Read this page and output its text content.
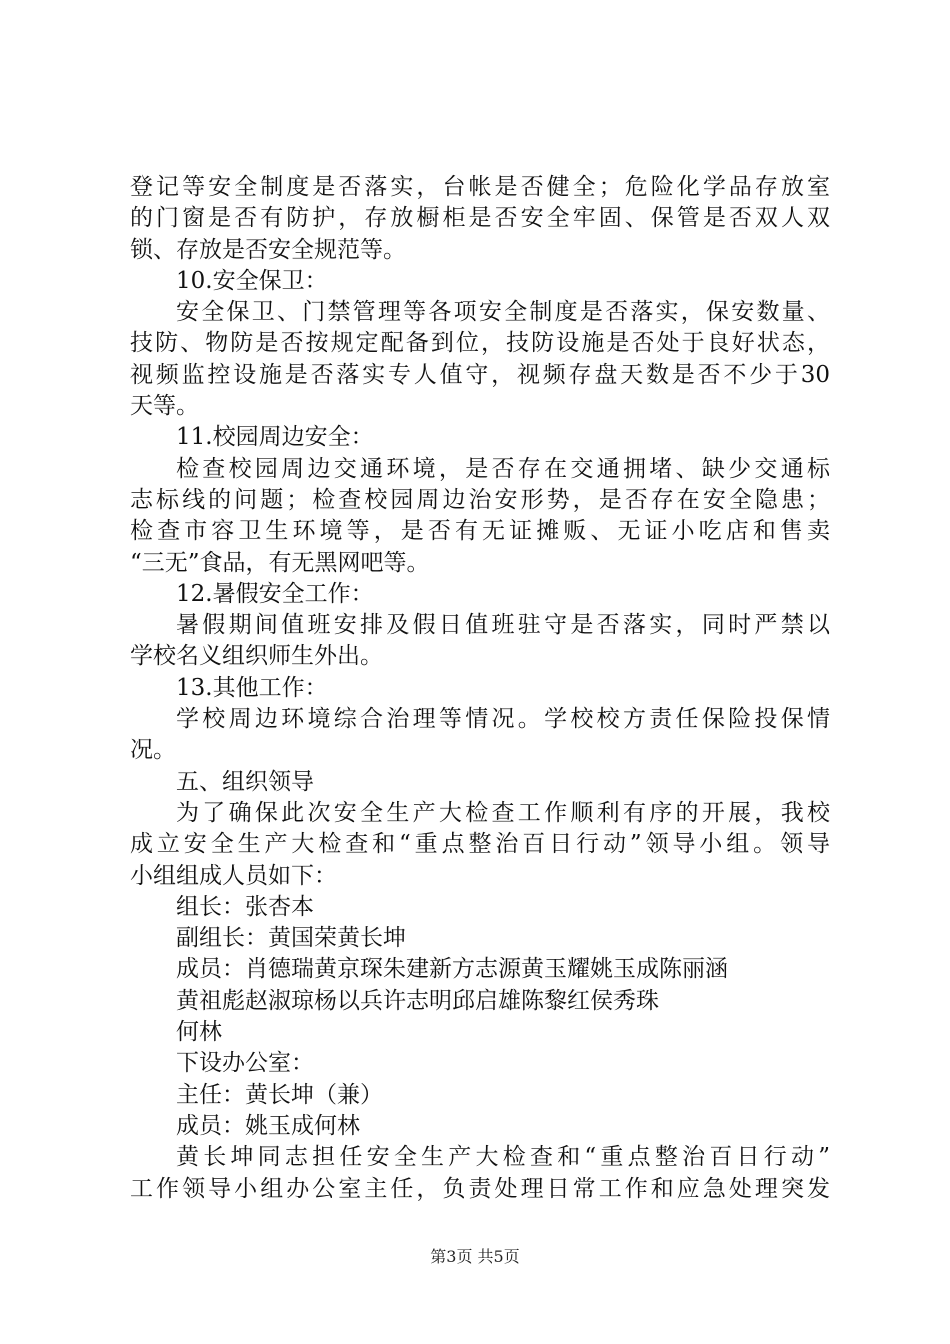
登记等安全制度是否落实，台帐是否健全；危险化学品存放室
的门窗是否有防护，存放橱柜是否安全牢固、保管是否双人双
锁、存放是否安全规范等。
10.安全保卫：
安全保卫、门禁管理等各项安全制度是否落实，保安数量、
技防、物防是否按规定配备到位，技防设施是否处于良好状态，
视频监控设施是否落实专人值守，视频存盘天数是否不少于30
天等。
11.校园周边安全：
检查校园周边交通环境，是否存在交通拥堵、缺少交通标
志标线的问题；检查校园周边治安形势，是否存在安全隐患；
检查市容卫生环境等，是否有无证摊贩、无证小吃店和售卖
“三无”食品，有无黑网吧等。
12.暑假安全工作：
暑假期间值班安排及假日值班驻守是否落实，同时严禁以
学校名义组织师生外出。
13.其他工作：
学校周边环境综合治理等情况。学校校方责任保险投保情
况。
五、组织领导
为了确保此次安全生产大检查工作顺利有序的开展，我校
成立安全生产大检查和“重点整治百日行动”领导小组。领导
小组组成人员如下：
组长：张杏本
副组长：黄国荣黄长坤
成员：肖德瑞黄京琛朱建新方志源黄玉耀姚玉成陈丽涵
黄祖彪赵淑琼杨以兵许志明邱启雄陈黎红侯秀珠
何林
下设办公室：
主任：黄长坤（兼）
成员：姚玉成何林
黄长坤同志担任安全生产大检查和“重点整治百日行动”
工作领导小组办公室主任，负责处理日常工作和应急处理突发
第3页 共5页
